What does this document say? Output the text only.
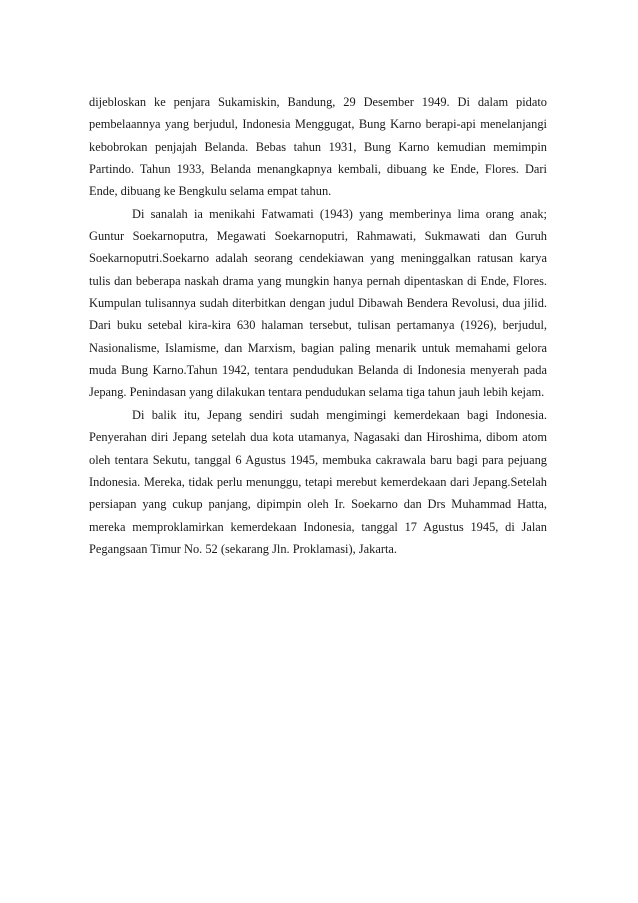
dijebloskan ke penjara Sukamiskin, Bandung, 29 Desember 1949. Di dalam pidato pembelaannya yang berjudul, Indonesia Menggugat, Bung Karno berapi-api menelanjangi kebobrokan penjajah Belanda. Bebas tahun 1931, Bung Karno kemudian memimpin Partindo. Tahun 1933, Belanda menangkapnya kembali, dibuang ke Ende, Flores. Dari Ende, dibuang ke Bengkulu selama empat tahun.

Di sanalah ia menikahi Fatwamati (1943) yang memberinya lima orang anak; Guntur Soekarnoputra, Megawati Soekarnoputri, Rahmawati, Sukmawati dan Guruh Soekarnoputri.Soekarno adalah seorang cendekiawan yang meninggalkan ratusan karya tulis dan beberapa naskah drama yang mungkin hanya pernah dipentaskan di Ende, Flores. Kumpulan tulisannya sudah diterbitkan dengan judul Dibawah Bendera Revolusi, dua jilid. Dari buku setebal kira-kira 630 halaman tersebut, tulisan pertamanya (1926), berjudul, Nasionalisme, Islamisme, dan Marxism, bagian paling menarik untuk memahami gelora muda Bung Karno.Tahun 1942, tentara pendudukan Belanda di Indonesia menyerah pada Jepang. Penindasan yang dilakukan tentara pendudukan selama tiga tahun jauh lebih kejam.

Di balik itu, Jepang sendiri sudah mengimingi kemerdekaan bagi Indonesia. Penyerahan diri Jepang setelah dua kota utamanya, Nagasaki dan Hiroshima, dibom atom oleh tentara Sekutu, tanggal 6 Agustus 1945, membuka cakrawala baru bagi para pejuang Indonesia. Mereka, tidak perlu menunggu, tetapi merebut kemerdekaan dari Jepang.Setelah persiapan yang cukup panjang, dipimpin oleh Ir. Soekarno dan Drs Muhammad Hatta, mereka memproklamirkan kemerdekaan Indonesia, tanggal 17 Agustus 1945, di Jalan Pegangsaan Timur No. 52 (sekarang Jln. Proklamasi), Jakarta.
